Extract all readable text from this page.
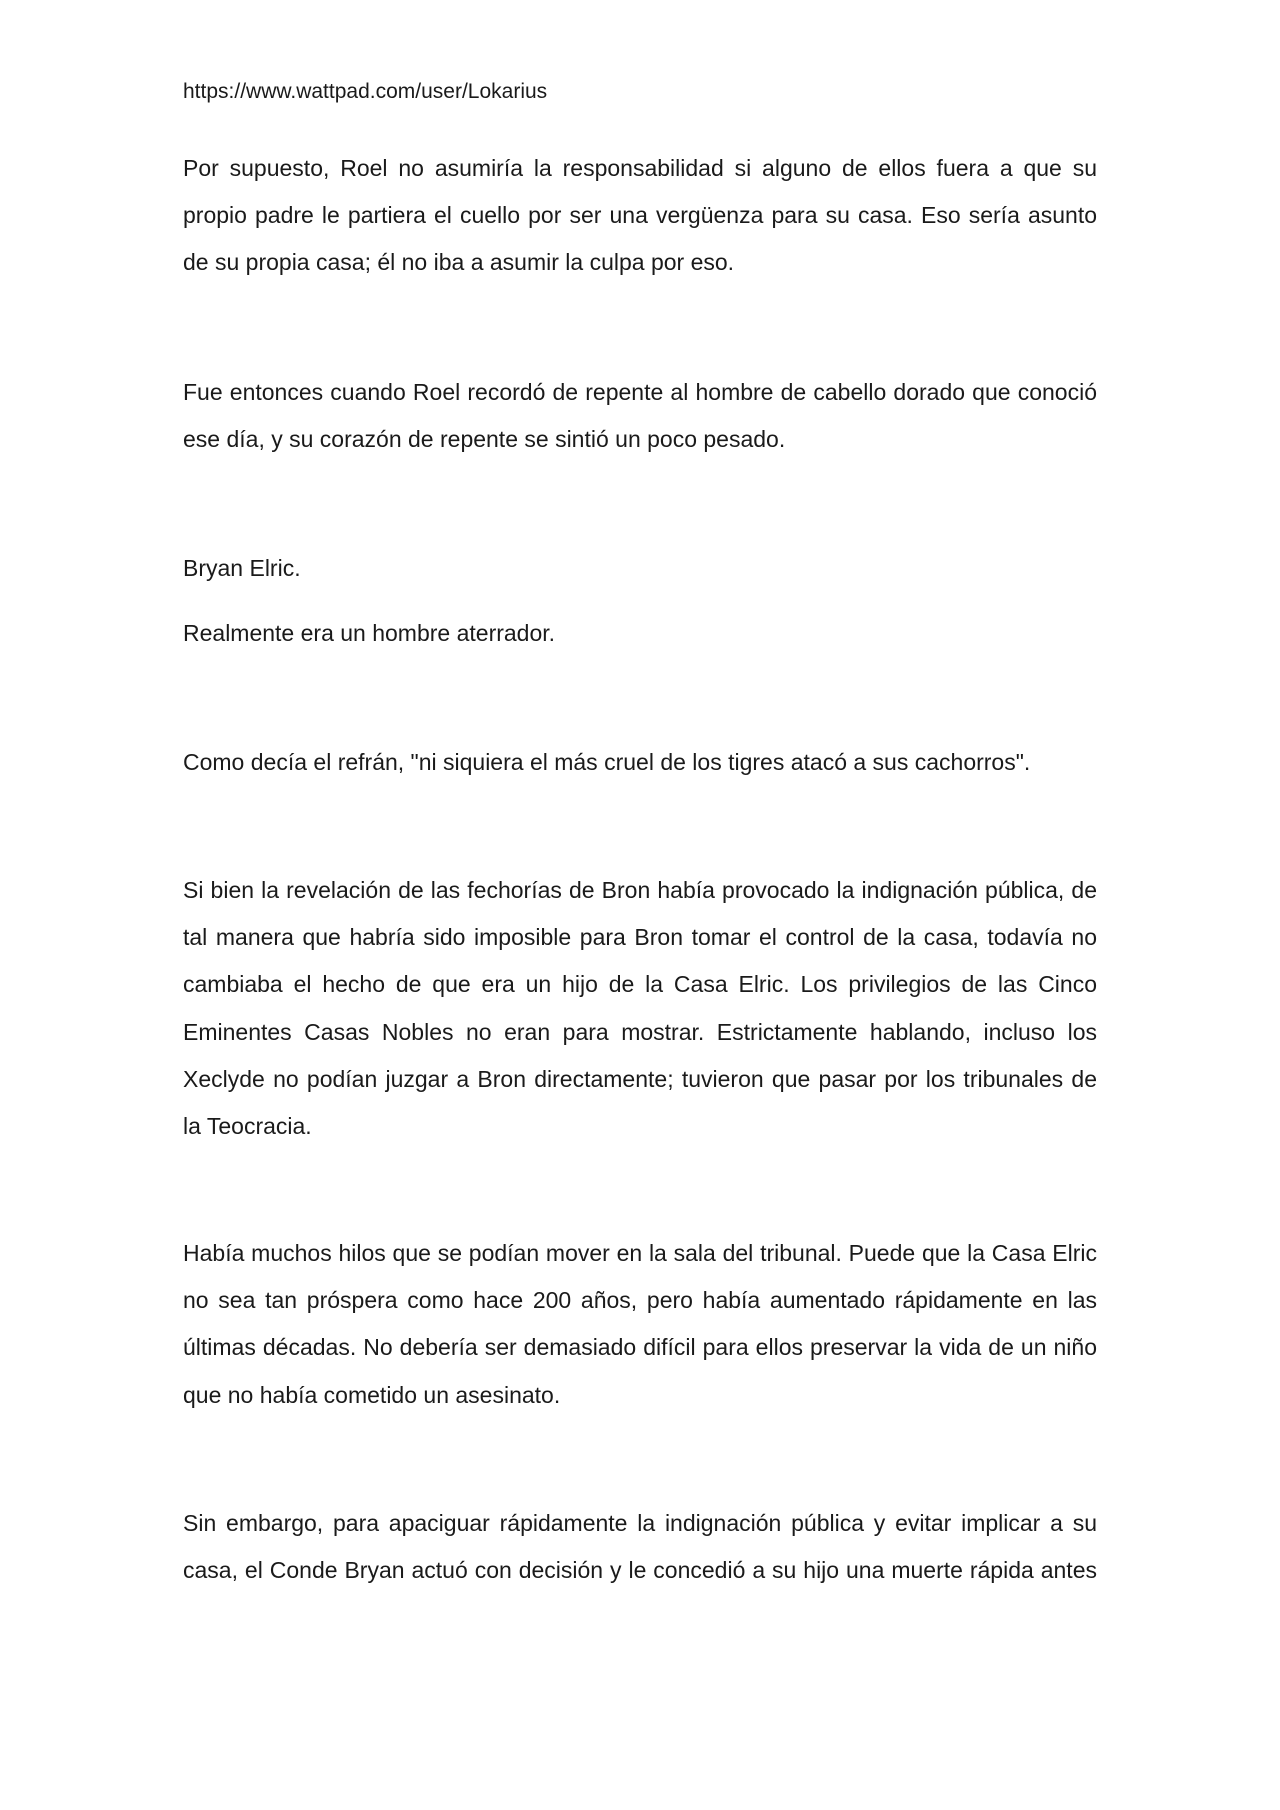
https://www.wattpad.com/user/Lokarius

Por supuesto, Roel no asumiría la responsabilidad si alguno de ellos fuera a que su propio padre le partiera el cuello por ser una vergüenza para su casa. Eso sería asunto de su propia casa; él no iba a asumir la culpa por eso.

Fue entonces cuando Roel recordó de repente al hombre de cabello dorado que conoció ese día, y su corazón de repente se sintió un poco pesado.

Bryan Elric.

Realmente era un hombre aterrador.

Como decía el refrán, "ni siquiera el más cruel de los tigres atacó a sus cachorros".

Si bien la revelación de las fechorías de Bron había provocado la indignación pública, de tal manera que habría sido imposible para Bron tomar el control de la casa, todavía no cambiaba el hecho de que era un hijo de la Casa Elric. Los privilegios de las Cinco Eminentes Casas Nobles no eran para mostrar. Estrictamente hablando, incluso los Xeclyde no podían juzgar a Bron directamente; tuvieron que pasar por los tribunales de la Teocracia.

Había muchos hilos que se podían mover en la sala del tribunal. Puede que la Casa Elric no sea tan próspera como hace 200 años, pero había aumentado rápidamente en las últimas décadas. No debería ser demasiado difícil para ellos preservar la vida de un niño que no había cometido un asesinato.

Sin embargo, para apaciguar rápidamente la indignación pública y evitar implicar a su casa, el Conde Bryan actuó con decisión y le concedió a su hijo una muerte rápida antes
